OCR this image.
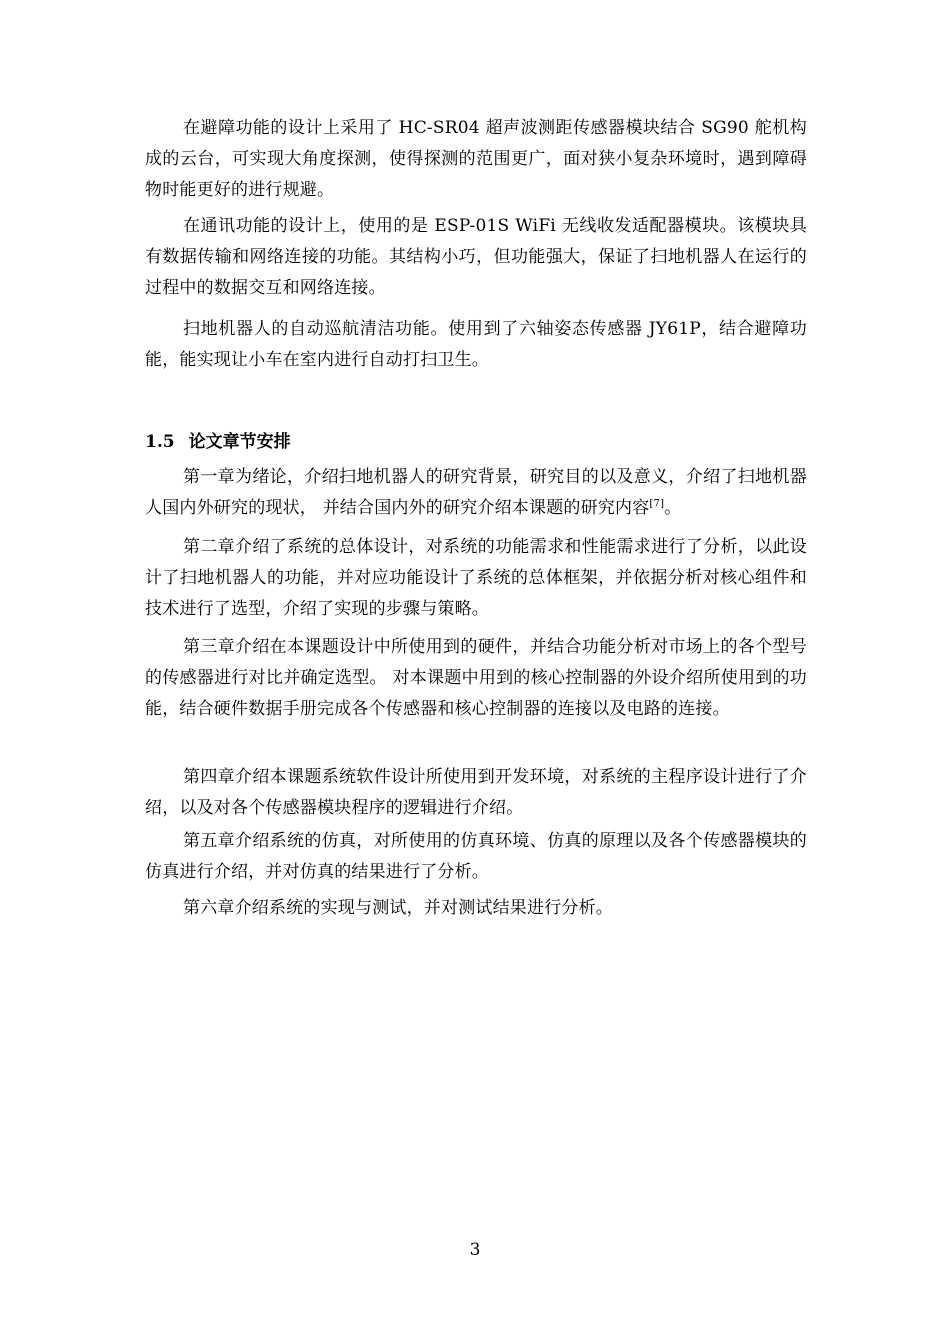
在避障功能的设计上采用了 HC-SR04 超声波测距传感器模块结合 SG90 舵机构成的云台，可实现大角度探测，使得探测的范围更广，面对狭小复杂环境时，遇到障碍物时能更好的进行规避。

在通讯功能的设计上，使用的是 ESP-01S WiFi 无线收发适配器模块。该模块具有数据传输和网络连接的功能。其结构小巧，但功能强大，保证了扫地机器人在运行的过程中的数据交互和网络连接。

扫地机器人的自动巡航清洁功能。使用到了六轴姿态传感器 JY61P，结合避障功能，能实现让小车在室内进行自动打扫卫生。

1.5 论文章节安排

第一章为绪论，介绍扫地机器人的研究背景，研究目的以及意义，介绍了扫地机器人国内外研究的现状， 并结合国内外的研究介绍本课题的研究内容[7]。

第二章介绍了系统的总体设计，对系统的功能需求和性能需求进行了分析，以此设计了扫地机器人的功能，并对应功能设计了系统的总体框架，并依据分析对核心组件和技术进行了选型，介绍了实现的步骤与策略。

第三章介绍在本课题设计中所使用到的硬件，并结合功能分析对市场上的各个型号的传感器进行对比并确定选型。 对本课题中用到的核心控制器的外设介绍所使用到的功能，结合硬件数据手册完成各个传感器和核心控制器的连接以及电路的连接。

第四章介绍本课题系统软件设计所使用到开发环境，对系统的主程序设计进行了介绍，以及对各个传感器模块程序的逻辑进行介绍。

第五章介绍系统的仿真，对所使用的仿真环境、仿真的原理以及各个传感器模块的仿真进行介绍，并对仿真的结果进行了分析。

第六章介绍系统的实现与测试，并对测试结果进行分析。

3
